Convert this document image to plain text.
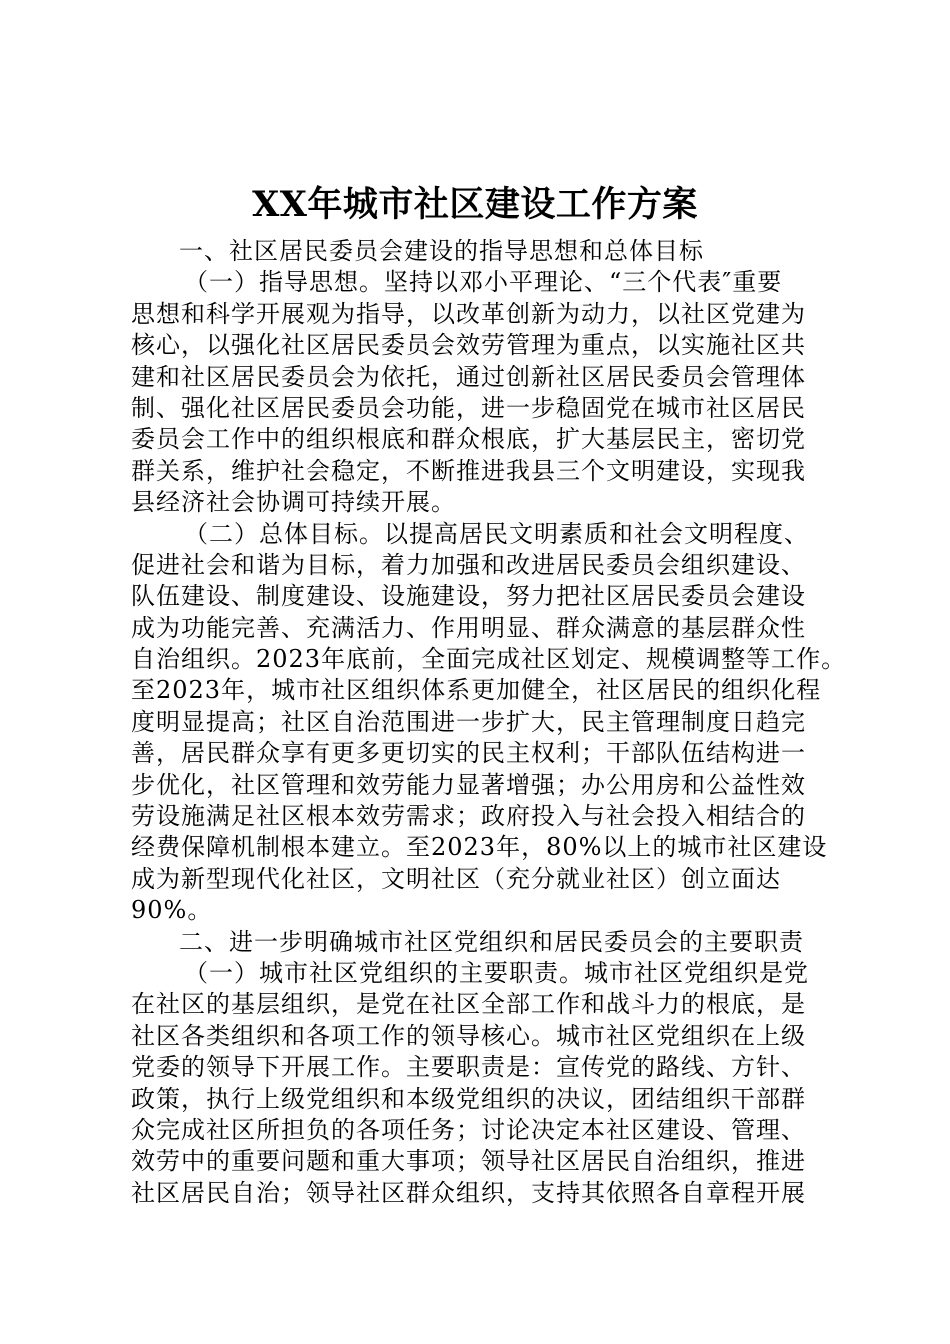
XX年城市社区建设工作方案
一、社区居民委员会建设的指导思想和总体目标
（一）指导思想。坚持以邓小平理论、“三个代表″重要
思想和科学开展观为指导，以改革创新为动力，以社区党建为
核心，以强化社区居民委员会效劳管理为重点，以实施社区共
建和社区居民委员会为依托，通过创新社区居民委员会管理体
制、强化社区居民委员会功能，进一步稳固党在城市社区居民
委员会工作中的组织根底和群众根底，扩大基层民主，密切党
群关系，维护社会稳定，不断推进我县三个文明建设，实现我
县经济社会协调可持续开展。
（二）总体目标。以提高居民文明素质和社会文明程度、
促进社会和谐为目标，着力加强和改进居民委员会组织建设、
队伍建设、制度建设、设施建设，努力把社区居民委员会建设
成为功能完善、充满活力、作用明显、群众满意的基层群众性
自治组织。2023年底前，全面完成社区划定、规模调整等工作。
至2023年，城市社区组织体系更加健全，社区居民的组织化程
度明显提高；社区自治范围进一步扩大，民主管理制度日趋完
善，居民群众享有更多更切实的民主权利；干部队伍结构进一
步优化，社区管理和效劳能力显著增强；办公用房和公益性效
劳设施满足社区根本效劳需求；政府投入与社会投入相结合的
经费保障机制根本建立。至2023年，80%以上的城市社区建设
成为新型现代化社区，文明社区（充分就业社区）创立面达
90%。
二、进一步明确城市社区党组织和居民委员会的主要职责
（一）城市社区党组织的主要职责。城市社区党组织是党
在社区的基层组织，是党在社区全部工作和战斗力的根底，是
社区各类组织和各项工作的领导核心。城市社区党组织在上级
党委的领导下开展工作。主要职责是：宣传党的路线、方针、
政策，执行上级党组织和本级党组织的决议，团结组织干部群
众完成社区所担负的各项任务；讨论决定本社区建设、管理、
效劳中的重要问题和重大事项；领导社区居民自治组织，推进
社区居民自治；领导社区群众组织，支持其依照各自章程开展
